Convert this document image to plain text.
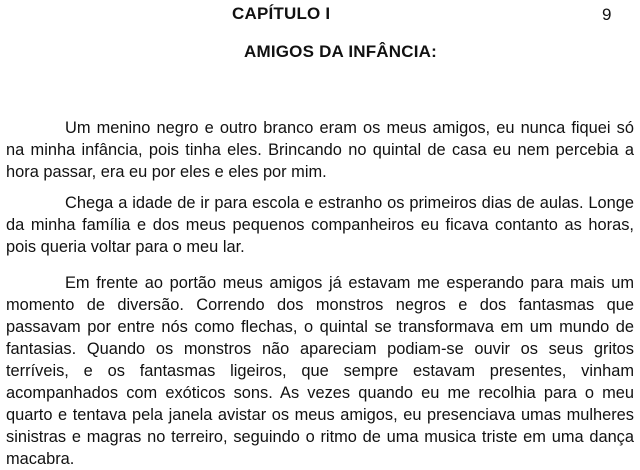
CAPÍTULO I	9
AMIGOS DA INFÂNCIA:

Um menino negro e outro branco eram os meus amigos, eu nunca fiquei só na minha infância, pois tinha eles. Brincando no quintal de casa eu nem percebia a hora passar, era eu por eles e eles por mim.

Chega a idade de ir para escola e estranho os primeiros dias de aulas. Longe da minha família e dos meus pequenos companheiros eu ficava contanto as horas, pois queria voltar para o meu lar.

Em frente ao portão meus amigos já estavam me esperando para mais um momento de diversão. Correndo dos monstros negros e dos fantasmas que passavam por entre nós como flechas, o quintal se transformava em um mundo de fantasias. Quando os monstros não apareciam podiam-se ouvir os seus gritos terríveis, e os fantasmas ligeiros, que sempre estavam presentes, vinham acompanhados com exóticos sons. As vezes quando eu me recolhia para o meu quarto e tentava pela janela avistar os meus amigos, eu presenciava umas mulheres sinistras e magras no terreiro, seguindo o ritmo de uma musica triste em uma dança macabra.
